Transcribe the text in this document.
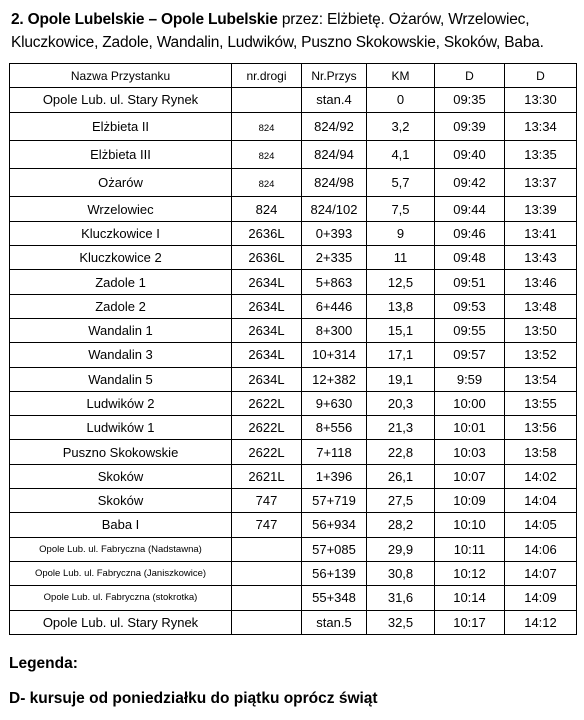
2. Opole Lubelskie – Opole Lubelskie przez: Elżbietę. Ożarów, Wrzelowiec, Kluczkowice, Zadole, Wandalin, Ludwików, Puszno Skokowskie, Skoków, Baba.
Nazwa Przystanku	nr.drogi	Nr.Przys	KM	D	D
Opole Lub. ul. Stary Rynek		stan.4	0	09:35	13:30
Elżbieta II	824	824/92	3,2	09:39	13:34
Elżbieta III	824	824/94	4,1	09:40	13:35
Ożarów	824	824/98	5,7	09:42	13:37
Wrzelowiec	824	824/102	7,5	09:44	13:39
Kluczkowice I	2636L	0+393	9	09:46	13:41
Kluczkowice 2	2636L	2+335	11	09:48	13:43
Zadole 1	2634L	5+863	12,5	09:51	13:46
Zadole 2	2634L	6+446	13,8	09:53	13:48
Wandalin 1	2634L	8+300	15,1	09:55	13:50
Wandalin 3	2634L	10+314	17,1	09:57	13:52
Wandalin 5	2634L	12+382	19,1	9:59	13:54
Ludwików 2	2622L	9+630	20,3	10:00	13:55
Ludwików 1	2622L	8+556	21,3	10:01	13:56
Puszno Skokowskie	2622L	7+118	22,8	10:03	13:58
Skoków	2621L	1+396	26,1	10:07	14:02
Skoków	747	57+719	27,5	10:09	14:04
Baba I	747	56+934	28,2	10:10	14:05
Opole Lub. ul. Fabryczna (Nadstawna)		57+085	29,9	10:11	14:06
Opole Lub. ul. Fabryczna (Janiszkowice)		56+139	30,8	10:12	14:07
Opole Lub. ul. Fabryczna (stokrotka)		55+348	31,6	10:14	14:09
Opole Lub. ul. Stary Rynek		stan.5	32,5	10:17	14:12

Legenda:

D- kursuje od poniedziałku do piątku oprócz świąt
